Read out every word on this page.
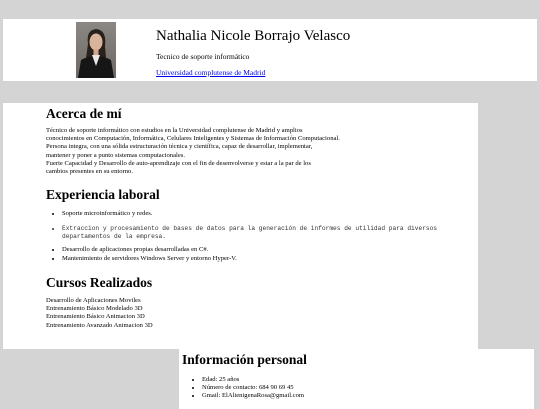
Nathalia Nicole Borrajo Velasco
Tecnico de soporte informático
Universidad complutense de Madrid
Acerca de mí
Técnico de soporte informático con estudios en la Universidad complutense de Madrid y amplios
conocimientos en Computación, Informática, Celulares Inteligentes y Sistemas de Información Computacional.
Persona integra, con una sólida estructuración técnica y científica, capaz de desarrollar, implementar,
mantener y poner a punto sistemas computacionales.
Fuerte Capacidad y Desarrollo de auto-aprendizaje con el fin de desenvolverse y estar a la par de los
cambios presentes en su entorno.
Experiencia laboral
• Soporte microinformático y redes.
• Extraccion y procesamiento de bases de datos para la generación de informes de utilidad para diversos departamentos de la empresa.
• Desarrollo de aplicaciones propias desarrolladas en C#.
• Mantenimiento de servidores Windows Server y entorno Hyper-V.
Cursos Realizados
Desarrollo de Aplicaciones Moviles
Entrenamiento Básico Modelado 3D
Entrenamiento Básico Animacion 3D
Entrenamiento Avanzado Animacion 3D
Información personal
• Edad: 25 años
• Número de contacto: 684 90 69 45
• Gmail: ElAlienigenaRosa@gmail.com
